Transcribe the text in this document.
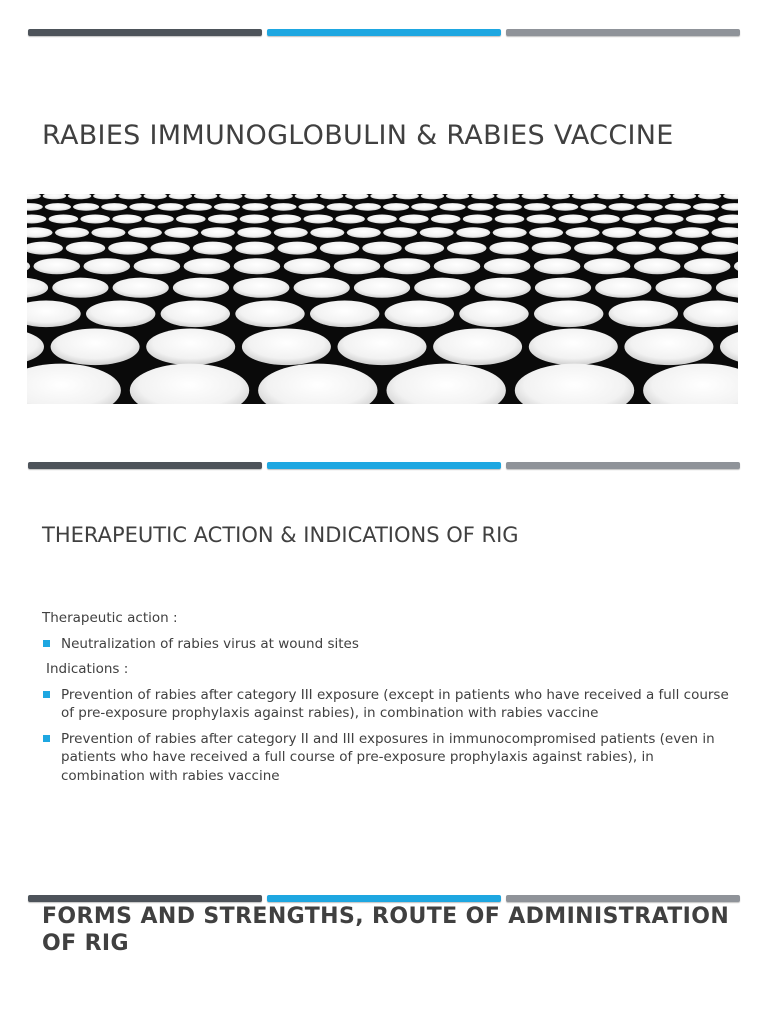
RABIES IMMUNOGLOBULIN & RABIES VACCINE
THERAPEUTIC ACTION & INDICATIONS OF RIG

Therapeutic action :

Neutralization of rabies virus at wound sites

Indications :

Prevention of rabies after category III exposure (except in patients who have received a full course of pre-exposure prophylaxis against rabies), in combination with rabies vaccine
Prevention of rabies after category II and III exposures in immunocompromised patients (even in patients who have received a full course of pre-exposure prophylaxis against rabies), in combination with rabies vaccine
FORMS AND STRENGTHS, ROUTE OF ADMINISTRATION OF RIG
